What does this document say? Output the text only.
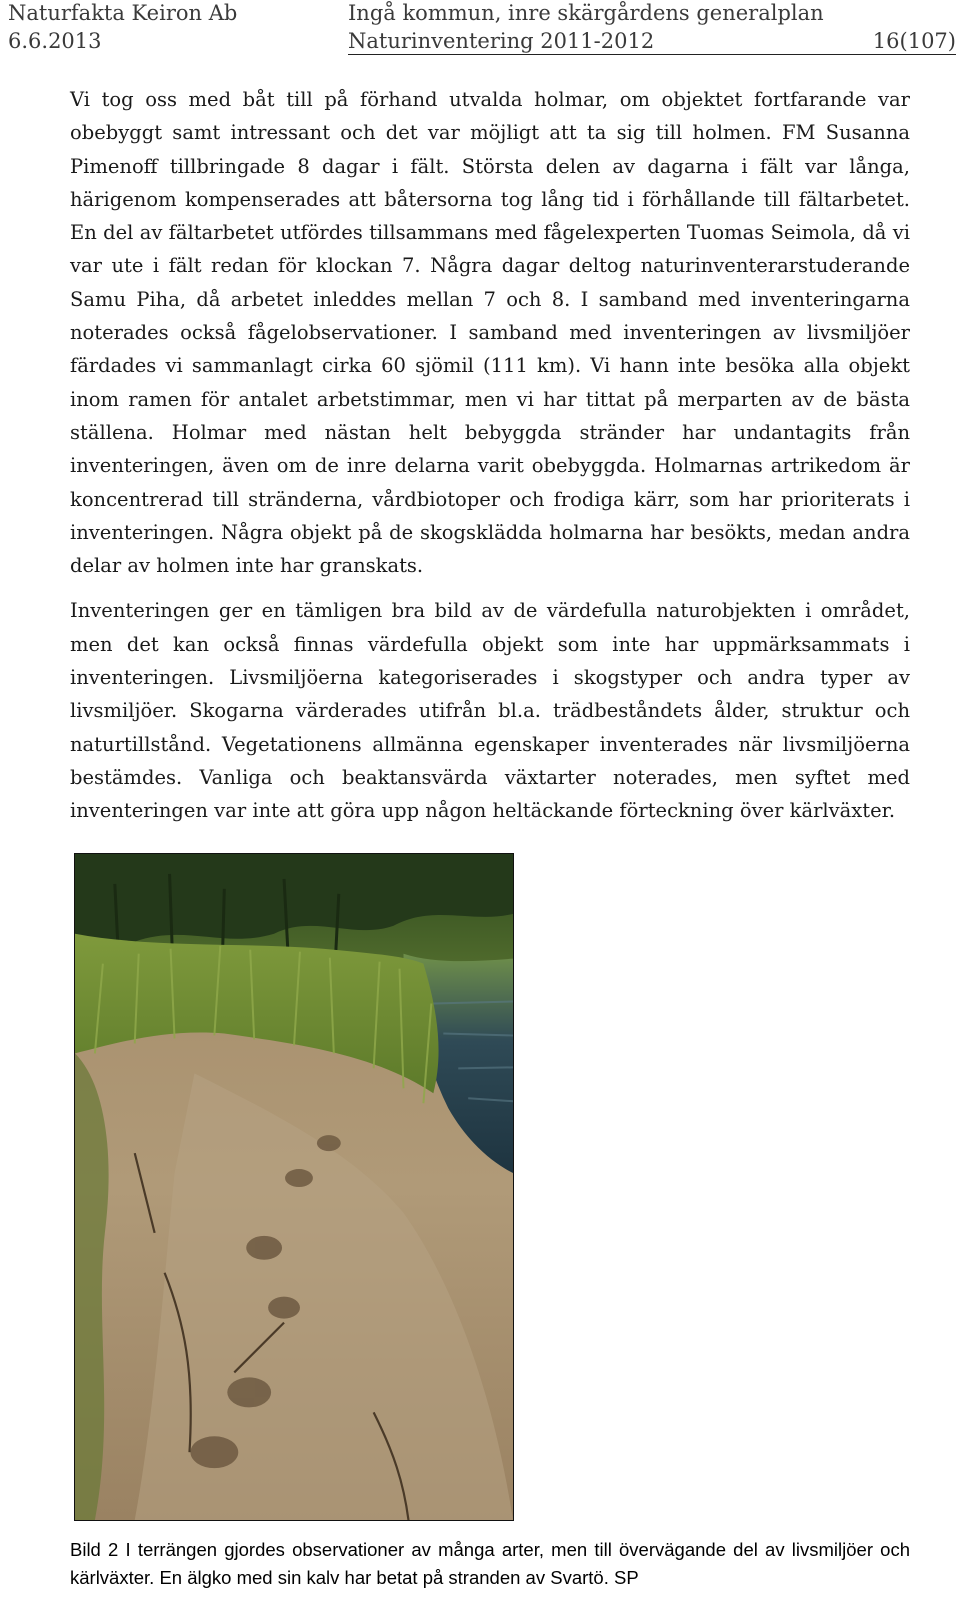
Naturfakta Keiron Ab
6.6.2013
Ingå kommun, inre skärgårdens generalplan
Naturinventering 2011-2012	16(107)

Vi tog oss med båt till på förhand utvalda holmar, om objektet fortfarande var obebyggt samt intressant och det var möjligt att ta sig till holmen. FM Susanna Pimenoff tillbringade 8 dagar i fält. Största delen av dagarna i fält var långa, härigenom kompenserades att båtersorna tog lång tid i förhållande till fältarbetet. En del av fältarbetet utfördes tillsammans med fågelexperten Tuomas Seimola, då vi var ute i fält redan för klockan 7. Några dagar deltog naturinventerarstuderande Samu Piha, då arbetet inleddes mellan 7 och 8. I samband med inventeringarna noterades också fågelobservationer. I samband med inventeringen av livsmiljöer färdades vi sammanlagt cirka 60 sjömil (111 km). Vi hann inte besöka alla objekt inom ramen för antalet arbetstimmar, men vi har tittat på merparten av de bästa ställena. Holmar med nästan helt bebyggda stränder har undantagits från inventeringen, även om de inre delarna varit obebyggda. Holmarnas artrikedom är koncentrerad till stränderna, vårdbiotoper och frodiga kärr, som har prioriterats i inventeringen. Några objekt på de skogsklädda holmarna har besökts, medan andra delar av holmen inte har granskats.

Inventeringen ger en tämligen bra bild av de värdefulla naturobjekten i området, men det kan också finnas värdefulla objekt som inte har uppmärksammats i inventeringen. Livsmiljöerna kategoriserades i skogstyper och andra typer av livsmiljöer. Skogarna värderades utifrån bl.a. trädbeståndets ålder, struktur och naturtillstånd. Vegetationens allmänna egenskaper inventerades när livsmiljöerna bestämdes. Vanliga och beaktansvärda växtarter noterades, men syftet med inventeringen var inte att göra upp någon heltäckande förteckning över kärlväxter.

Bild 2 I terrängen gjordes observationer av många arter, men till övervägande del av livsmiljöer och kärlväxter. En älgko med sin kalv har betat på stranden av Svartö. SP
